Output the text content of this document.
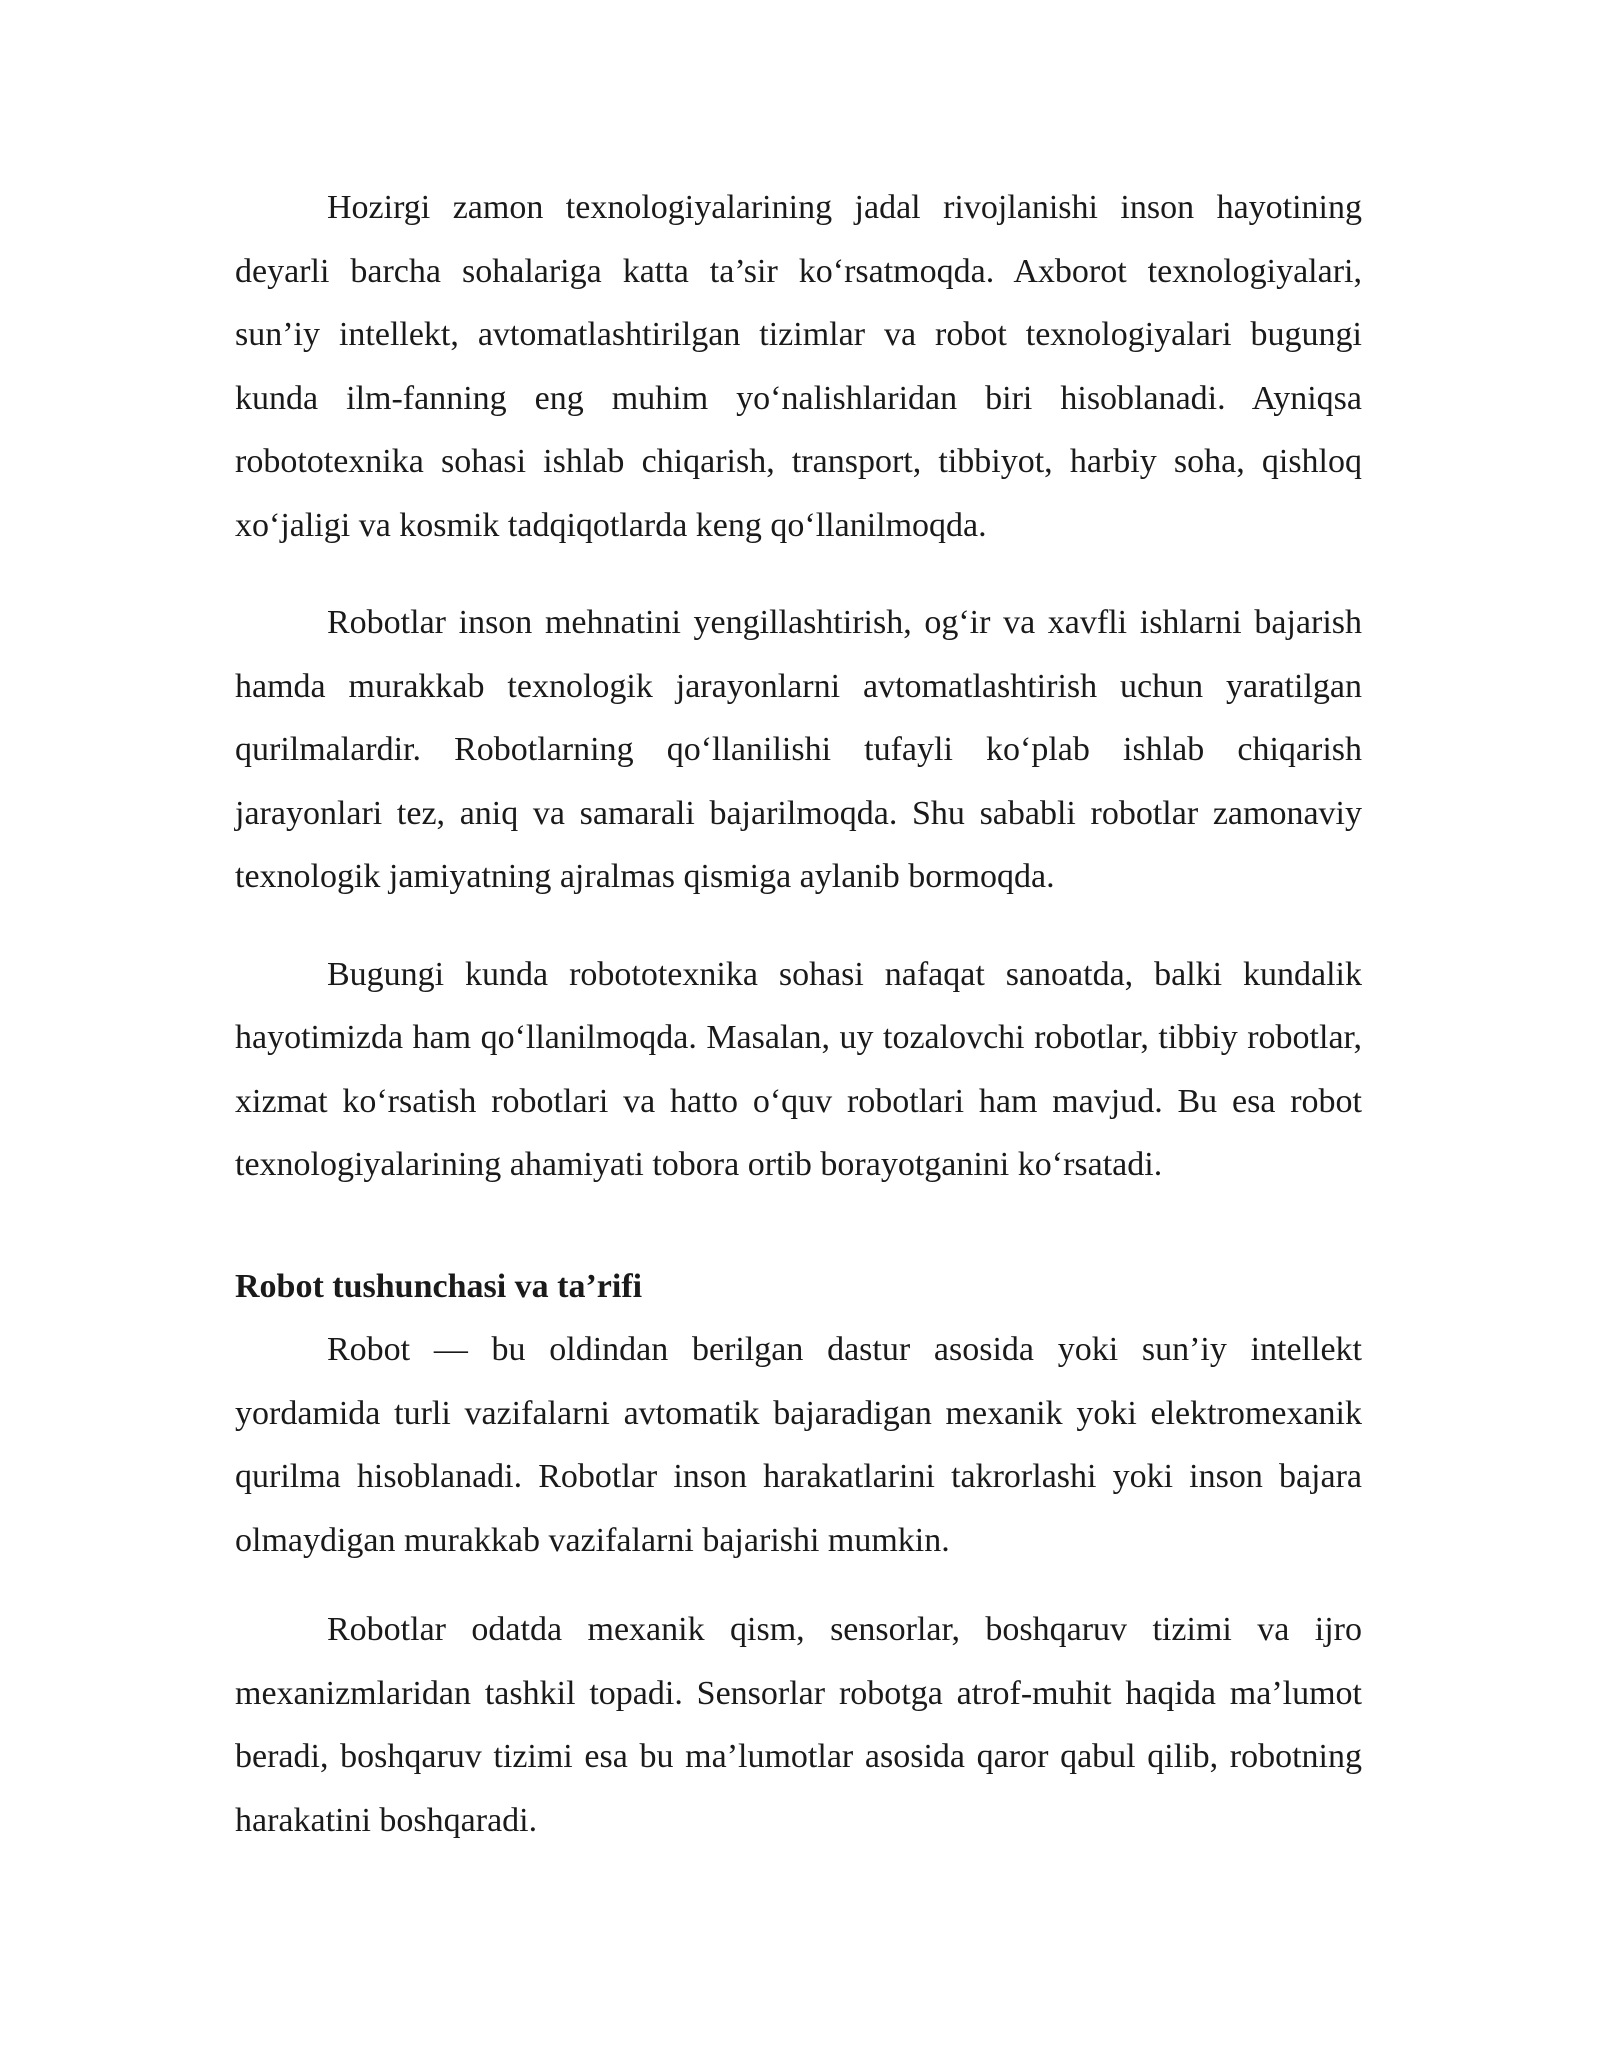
Hozirgi zamon texnologiyalarining jadal rivojlanishi inson hayotining deyarli barcha sohalariga katta ta’sir ko‘rsatmoqda. Axborot texnologiyalari, sun’iy intellekt, avtomatlashtirilgan tizimlar va robot texnologiyalari bugungi kunda ilm-fanning eng muhim yo‘nalishlaridan biri hisoblanadi. Ayniqsa robototexnika sohasi ishlab chiqarish, transport, tibbiyot, harbiy soha, qishloq xo‘jaligi va kosmik tadqiqotlarda keng qo‘llanilmoqda.

Robotlar inson mehnatini yengillashtirish, og‘ir va xavfli ishlarni bajarish hamda murakkab texnologik jarayonlarni avtomatlashtirish uchun yaratilgan qurilmalardir. Robotlarning qo‘llanilishi tufayli ko‘plab ishlab chiqarish jarayonlari tez, aniq va samarali bajarilmoqda. Shu sababli robotlar zamonaviy texnologik jamiyatning ajralmas qismiga aylanib bormoqda.

Bugungi kunda robototexnika sohasi nafaqat sanoatda, balki kundalik hayotimizda ham qo‘llanilmoqda. Masalan, uy tozalovchi robotlar, tibbiy robotlar, xizmat ko‘rsatish robotlari va hatto o‘quv robotlari ham mavjud. Bu esa robot texnologiyalarining ahamiyati tobora ortib borayotganini ko‘rsatadi.

Robot tushunchasi va ta’rifi

Robot — bu oldindan berilgan dastur asosida yoki sun’iy intellekt yordamida turli vazifalarni avtomatik bajaradigan mexanik yoki elektromexanik qurilma hisoblanadi. Robotlar inson harakatlarini takrorlashi yoki inson bajara olmaydigan murakkab vazifalarni bajarishi mumkin.

Robotlar odatda mexanik qism, sensorlar, boshqaruv tizimi va ijro mexanizmlaridan tashkil topadi. Sensorlar robotga atrof-muhit haqida ma’lumot beradi, boshqaruv tizimi esa bu ma’lumotlar asosida qaror qabul qilib, robotning harakatini boshqaradi.
